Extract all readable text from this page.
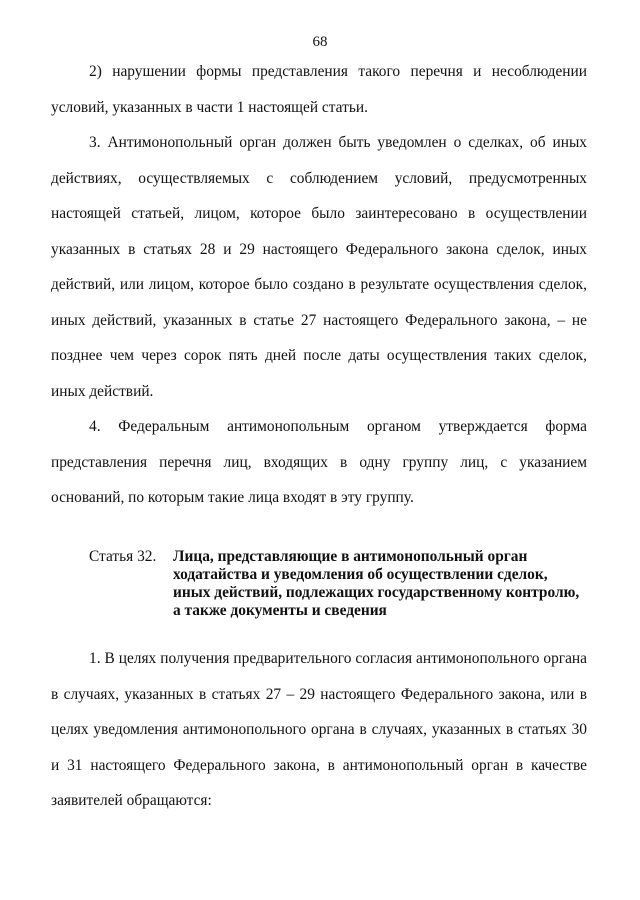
68

2) нарушении формы представления такого перечня и несоблюдении условий, указанных в части 1 настоящей статьи.

3. Антимонопольный орган должен быть уведомлен о сделках, об иных действиях, осуществляемых с соблюдением условий, предусмотренных настоящей статьей, лицом, которое было заинтересовано в осуществлении указанных в статьях 28 и 29 настоящего Федерального закона сделок, иных действий, или лицом, которое было создано в результате осуществления сделок, иных действий, указанных в статье 27 настоящего Федерального закона, – не позднее чем через сорок пять дней после даты осуществления таких сделок, иных действий.

4. Федеральным антимонопольным органом утверждается форма представления перечня лиц, входящих в одну группу лиц, с указанием оснований, по которым такие лица входят в эту группу.

Статья 32. Лица, представляющие в антимонопольный орган ходатайства и уведомления об осуществлении сделок, иных действий, подлежащих государственному контролю, а также документы и сведения

1. В целях получения предварительного согласия антимонопольного органа в случаях, указанных в статьях 27 – 29 настоящего Федерального закона, или в целях уведомления антимонопольного органа в случаях, указанных в статьях 30 и 31 настоящего Федерального закона, в антимонопольный орган в качестве заявителей обращаются:
